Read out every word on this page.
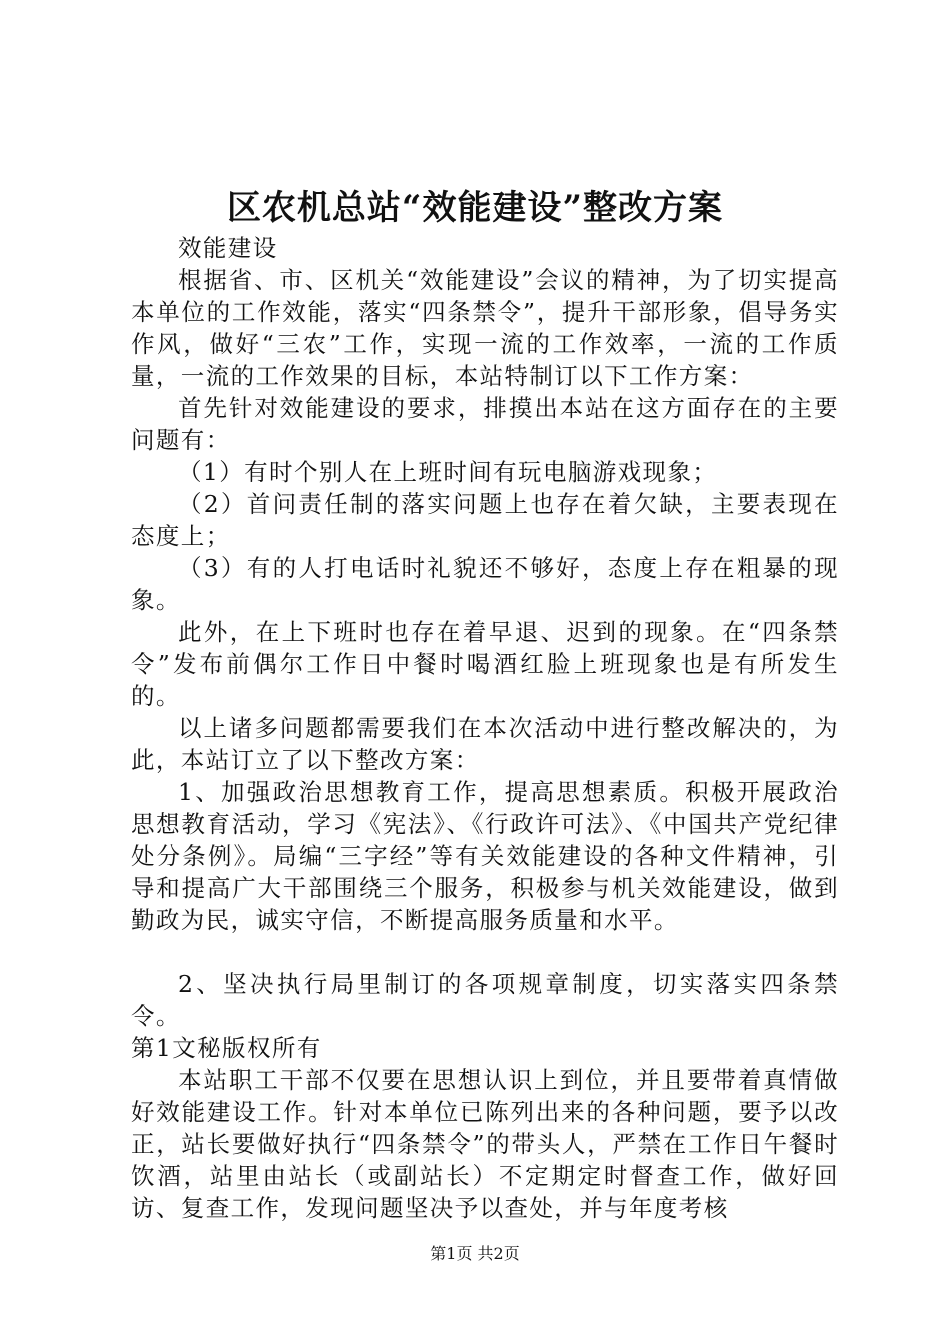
区农机总站“效能建设”整改方案

效能建设

根据省、市、区机关“效能建设”会议的精神，为了切实提高本单位的工作效能，落实“四条禁令”，提升干部形象，倡导务实作风，做好“三农”工作，实现一流的工作效率，一流的工作质量，一流的工作效果的目标，本站特制订以下工作方案：

首先针对效能建设的要求，排摸出本站在这方面存在的主要问题有：

（1）有时个别人在上班时间有玩电脑游戏现象；

（2）首问责任制的落实问题上也存在着欠缺，主要表现在态度上；

（3）有的人打电话时礼貌还不够好，态度上存在粗暴的现象。

此外，在上下班时也存在着早退、迟到的现象。在“四条禁令”发布前偶尔工作日中餐时喝酒红脸上班现象也是有所发生的。

以上诸多问题都需要我们在本次活动中进行整改解决的，为此，本站订立了以下整改方案：

1、加强政治思想教育工作，提高思想素质。积极开展政治思想教育活动，学习《宪法》、《行政许可法》、《中国共产党纪律处分条例》。局编“三字经”等有关效能建设的各种文件精神，引导和提高广大干部围绕三个服务，积极参与机关效能建设，做到勤政为民，诚实守信，不断提高服务质量和水平。

2、坚决执行局里制订的各项规章制度，切实落实四条禁令。

第1文秘版权所有

本站职工干部不仅要在思想认识上到位，并且要带着真情做好效能建设工作。针对本单位已陈列出来的各种问题，要予以改正，站长要做好执行“四条禁令”的带头人，严禁在工作日午餐时饮酒，站里由站长（或副站长）不定期定时督查工作，做好回访、复查工作，发现问题坚决予以查处，并与年度考核

第1页 共2页
